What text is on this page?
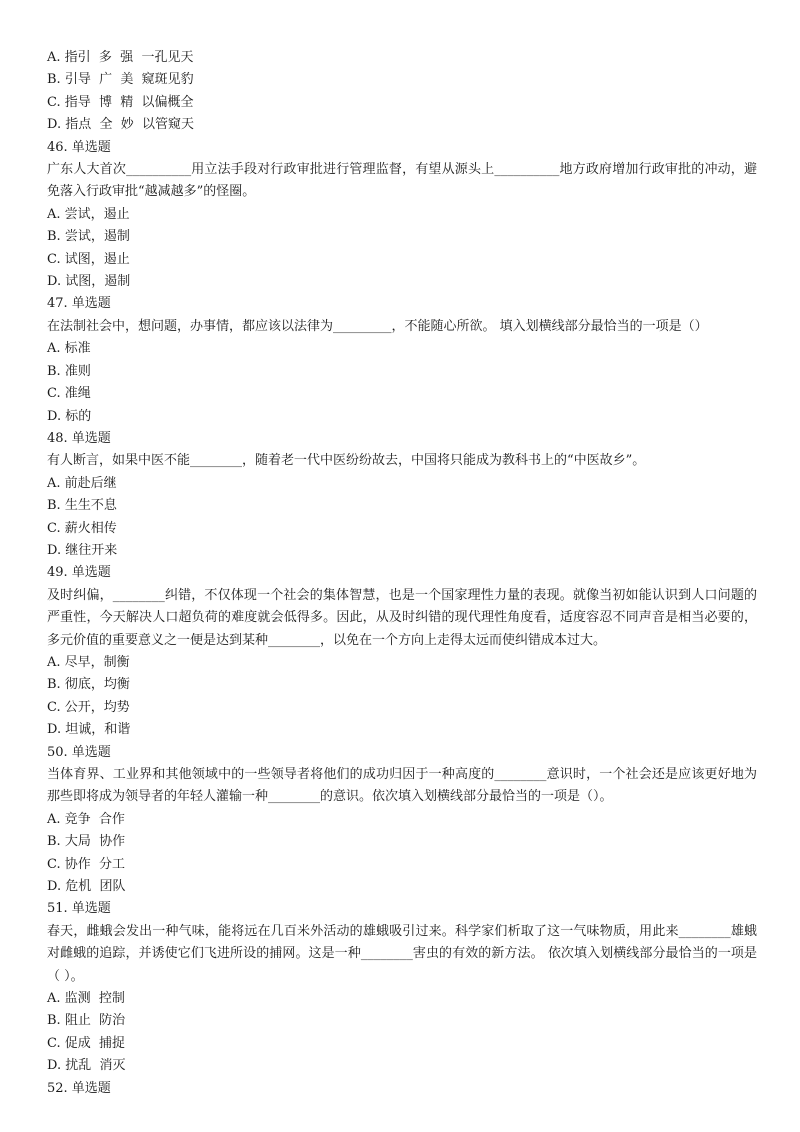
A. 指引  多  强  一孔见天
B. 引导  广  美  窥斑见豹
C. 指导  博  精  以偏概全
D. 指点  全  妙  以管窥天
46. 单选题
广东人大首次__________用立法手段对行政审批进行管理监督，有望从源头上__________地方政府增加行政审批的冲动，避免落入行政审批“越减越多”的怪圈。
A. 尝试，遏止
B. 尝试，遏制
C. 试图，遏止
D. 试图，遏制
47. 单选题
在法制社会中，想问题，办事情，都应该以法律为_________，不能随心所欲。 填入划横线部分最恰当的一项是（）
A. 标准
B. 准则
C. 准绳
D. 标的
48. 单选题
有人断言，如果中医不能________，随着老一代中医纷纷故去，中国将只能成为教科书上的“中医故乡”。
A. 前赴后继
B. 生生不息
C. 薪火相传
D. 继往开来
49. 单选题
及时纠偏，________纠错，不仅体现一个社会的集体智慧，也是一个国家理性力量的表现。就像当初如能认识到人口问题的严重性，今天解决人口超负荷的难度就会低得多。因此，从及时纠错的现代理性角度看，适度容忍不同声音是相当必要的，多元价值的重要意义之一便是达到某种________，以免在一个方向上走得太远而使纠错成本过大。
A. 尽早，制衡
B. 彻底，均衡
C. 公开，均势
D. 坦诚，和谐
50. 单选题
当体育界、工业界和其他领域中的一些领导者将他们的成功归因于一种高度的________意识时，一个社会还是应该更好地为那些即将成为领导者的年轻人灌输一种________的意识。依次填入划横线部分最恰当的一项是（）。
A. 竞争  合作
B. 大局  协作
C. 协作  分工
D. 危机  团队
51. 单选题
春天，雌蛾会发出一种气味，能将远在几百米外活动的雄蛾吸引过来。科学家们析取了这一气味物质，用此来________雄蛾对雌蛾的追踪，并诱使它们飞进所设的捕网。这是一种________害虫的有效的新方法。 依次填入划横线部分最恰当的一项是（ ）。
A. 监测  控制
B. 阻止  防治
C. 促成  捕捉
D. 扰乱  消灭
52. 单选题
